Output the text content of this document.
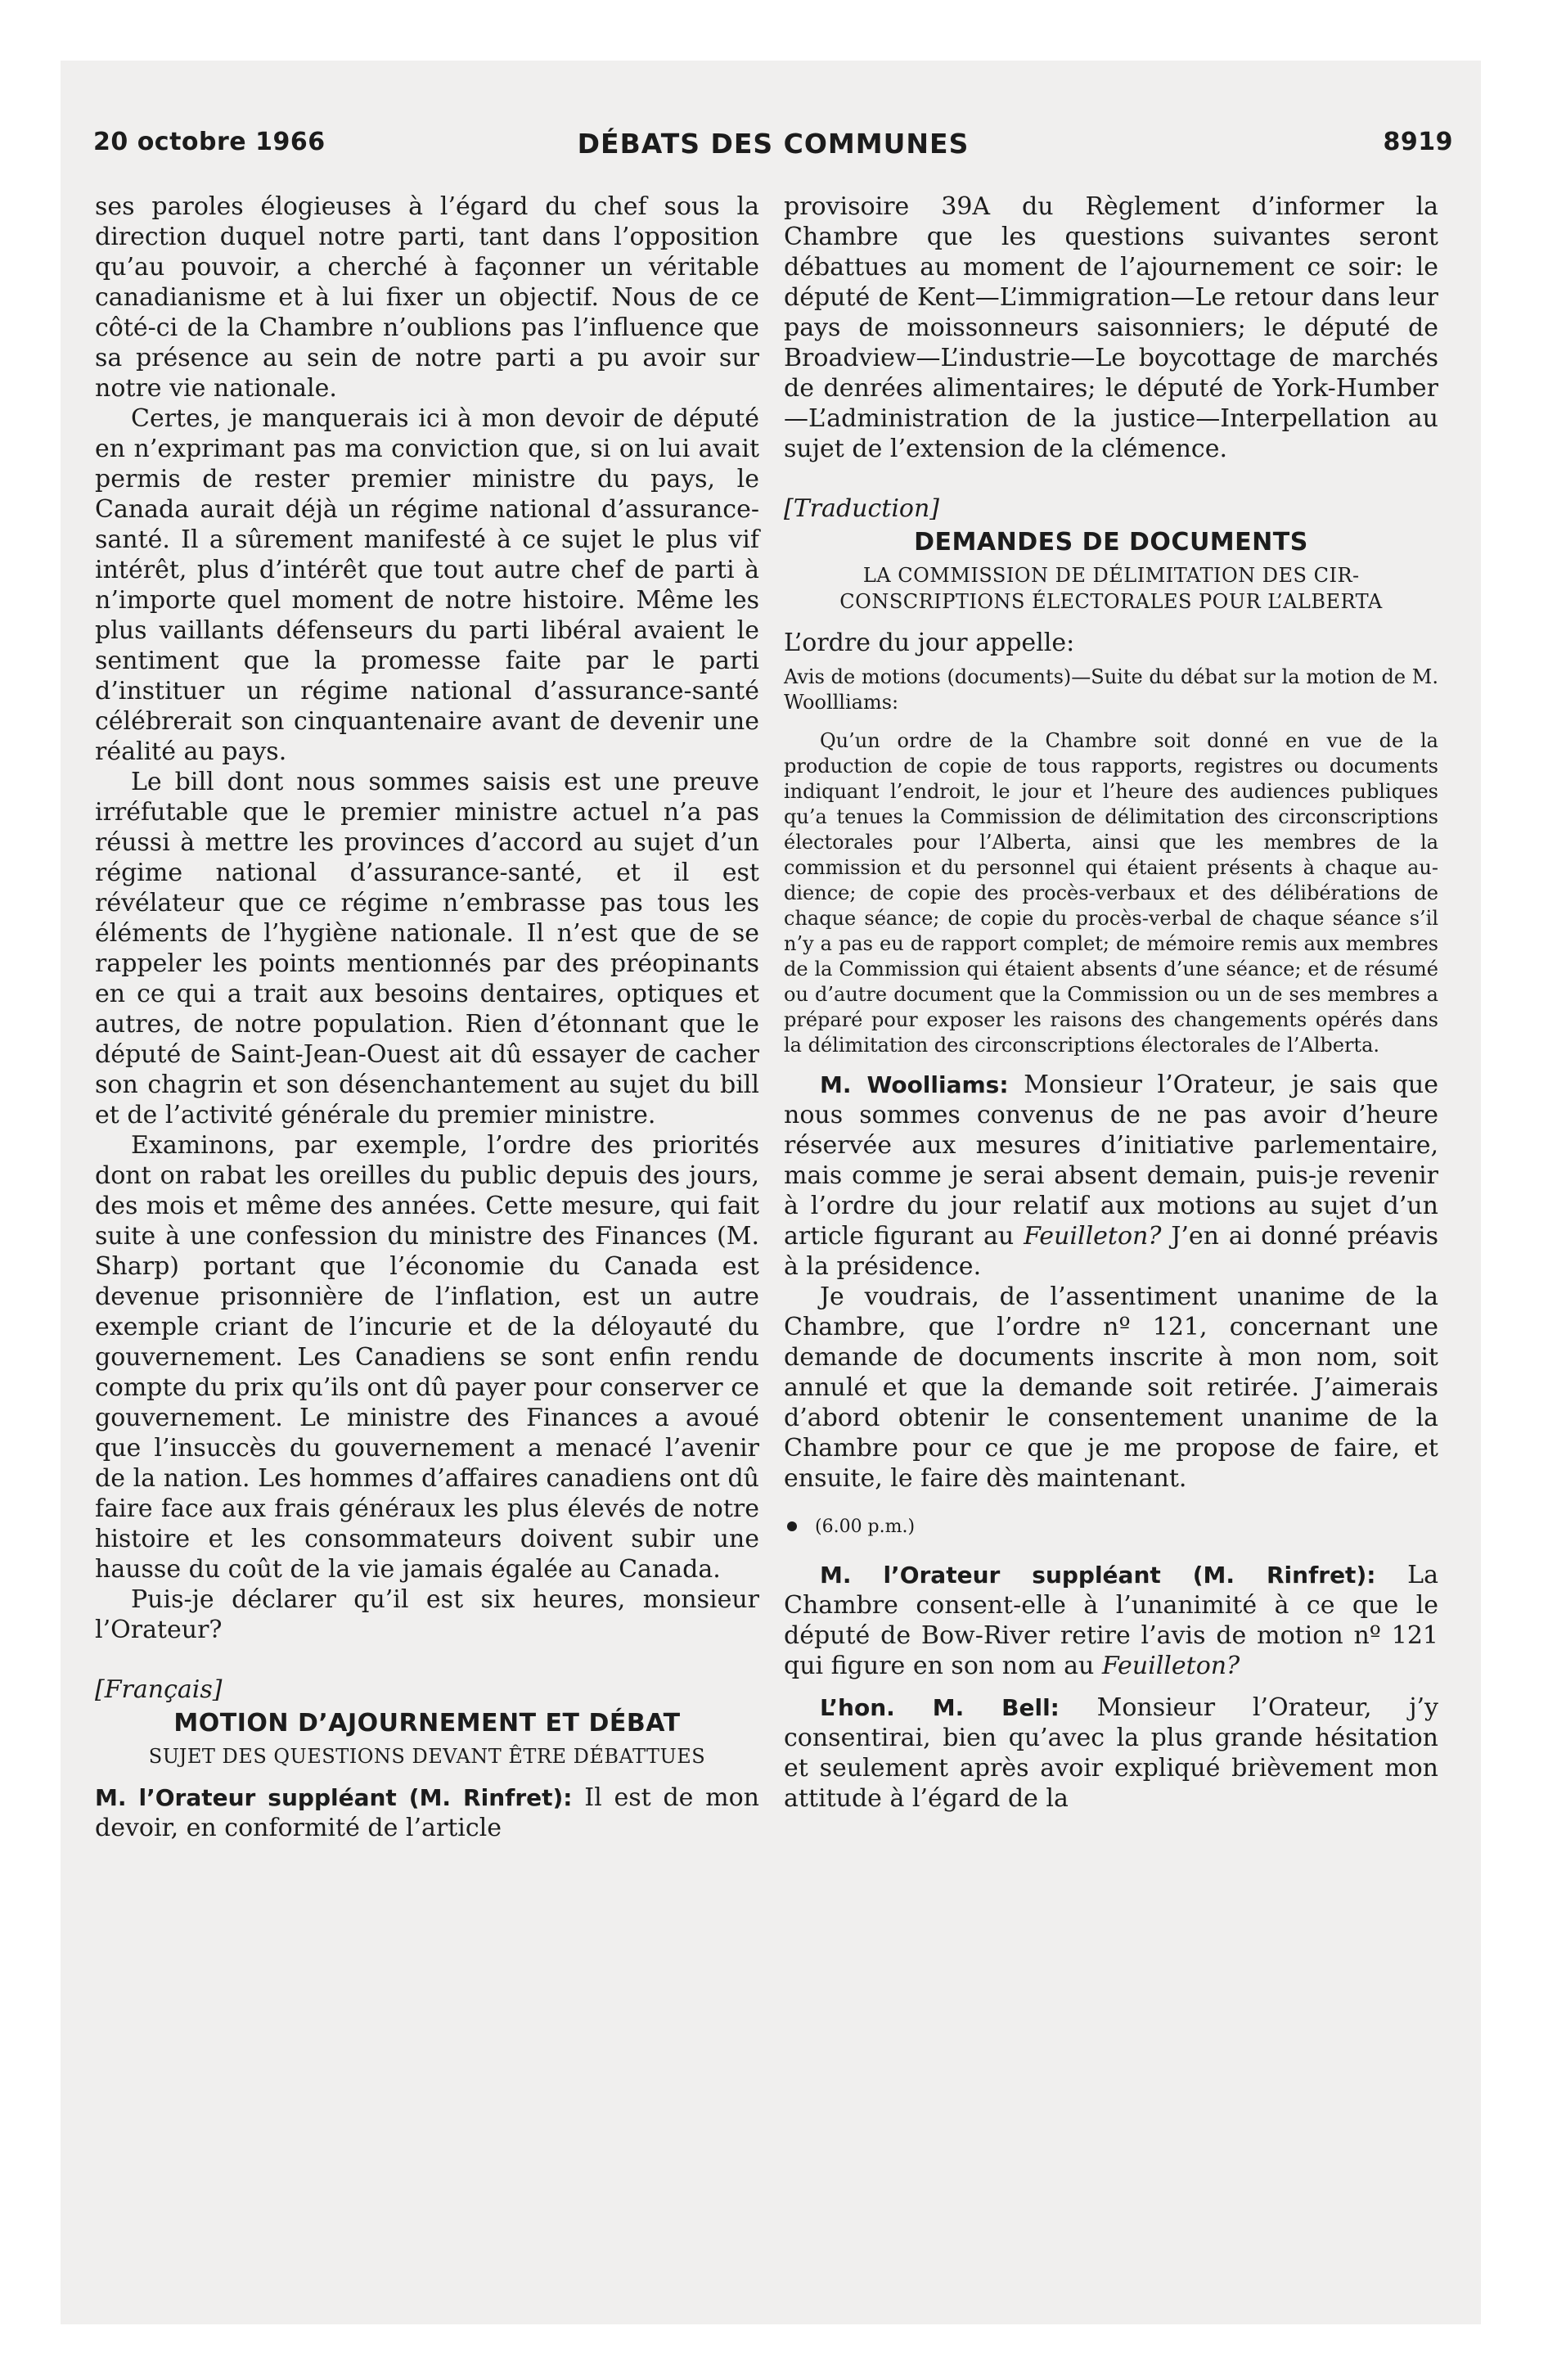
20 octobre 1966	DÉBATS DES COMMUNES	8919

ses paroles élogieuses à l’égard du chef sous la direction duquel notre parti, tant dans l’opposition qu’au pouvoir, a cherché à façonner un véritable canadianisme et à lui fixer un objectif. Nous de ce côté-ci de la Chambre n’oublions pas l’influence que sa présence au sein de notre parti a pu avoir sur notre vie nationale.

Certes, je manquerais ici à mon devoir de député en n’exprimant pas ma conviction que, si on lui avait permis de rester premier ministre du pays, le Canada aurait déjà un régime national d’assurance-santé. Il a sûrement manifesté à ce sujet le plus vif intérêt, plus d’intérêt que tout autre chef de parti à n’importe quel moment de notre histoire. Même les plus vaillants défenseurs du parti libéral avaient le sentiment que la promesse faite par le parti d’instituer un régime national d’assurance-santé célébrerait son cinquantenaire avant de devenir une réalité au pays.

Le bill dont nous sommes saisis est une preuve irréfutable que le premier ministre actuel n’a pas réussi à mettre les provinces d’accord au sujet d’un régime national d’assurance-santé, et il est révélateur que ce régime n’embrasse pas tous les éléments de l’hygiène nationale. Il n’est que de se rappeler les points mentionnés par des préopinants en ce qui a trait aux besoins dentaires, optiques et autres, de notre population. Rien d’étonnant que le député de Saint-Jean-Ouest ait dû essayer de cacher son chagrin et son désenchantement au sujet du bill et de l’activité générale du premier ministre.

Examinons, par exemple, l’ordre des priorités dont on rabat les oreilles du public depuis des jours, des mois et même des années. Cette mesure, qui fait suite à une confession du ministre des Finances (M. Sharp) portant que l’économie du Canada est devenue prisonnière de l’inflation, est un autre exemple criant de l’incurie et de la déloyauté du gouvernement. Les Canadiens se sont enfin rendu compte du prix qu’ils ont dû payer pour conserver ce gouvernement. Le ministre des Finances a avoué que l’insuccès du gouvernement a menacé l’avenir de la nation. Les hommes d’affaires canadiens ont dû faire face aux frais généraux les plus élevés de notre histoire et les consommateurs doivent subir une hausse du coût de la vie jamais égalée au Canada.

Puis-je déclarer qu’il est six heures, monsieur l’Orateur?

[Français]
MOTION D’AJOURNEMENT ET DÉBAT
SUJET DES QUESTIONS DEVANT ÊTRE DÉBATTUES

M. l’Orateur suppléant (M. Rinfret): Il est de mon devoir, en conformité de l’article

provisoire 39A du Règlement d’informer la Chambre que les questions suivantes seront débattues au moment de l’ajournement ce soir: le député de Kent—L’immigration—Le retour dans leur pays de moissonneurs saisonniers; le député de Broadview—L’industrie—Le boycottage de marchés de denrées alimentaires; le député de York-Humber—L’administration de la justice—Interpellation au sujet de l’extension de la clémence.

[Traduction]
DEMANDES DE DOCUMENTS
LA COMMISSION DE DÉLIMITATION DES CIRCONSCRIPTIONS ÉLECTORALES POUR L’ALBERTA

L’ordre du jour appelle:

Avis de motions (documents)—Suite du débat sur la motion de M. Woollliams:

Qu’un ordre de la Chambre soit donné en vue de la production de copie de tous rapports, registres ou documents indiquant l’endroit, le jour et l’heure des audiences publiques qu’a tenues la Commission de délimitation des circonscriptions électorales pour l’Alberta, ainsi que les membres de la commission et du personnel qui étaient présents à chaque audience; de copie des procès-verbaux et des délibérations de chaque séance; de copie du procès-verbal de chaque séance s’il n’y a pas eu de rapport complet; de mémoire remis aux membres de la Commission qui étaient absents d’une séance; et de résumé ou d’autre document que la Commission ou un de ses membres a préparé pour exposer les raisons des changements opérés dans la délimitation des circonscriptions électorales de l’Alberta.

M. Woolliams: Monsieur l’Orateur, je sais que nous sommes convenus de ne pas avoir d’heure réservée aux mesures d’initiative parlementaire, mais comme je serai absent demain, puis-je revenir à l’ordre du jour relatif aux motions au sujet d’un article figurant au Feuilleton? J’en ai donné préavis à la présidence.

Je voudrais, de l’assentiment unanime de la Chambre, que l’ordre nº 121, concernant une demande de documents inscrite à mon nom, soit annulé et que la demande soit retirée. J’aimerais d’abord obtenir le consentement unanime de la Chambre pour ce que je me propose de faire, et ensuite, le faire dès maintenant.

(6.00 p.m.)

M. l’Orateur suppléant (M. Rinfret): La Chambre consent-elle à l’unanimité à ce que le député de Bow-River retire l’avis de motion nº 121 qui figure en son nom au Feuilleton?

L’hon. M. Bell: Monsieur l’Orateur, j’y consentirai, bien qu’avec la plus grande hésitation et seulement après avoir expliqué brièvement mon attitude à l’égard de la
